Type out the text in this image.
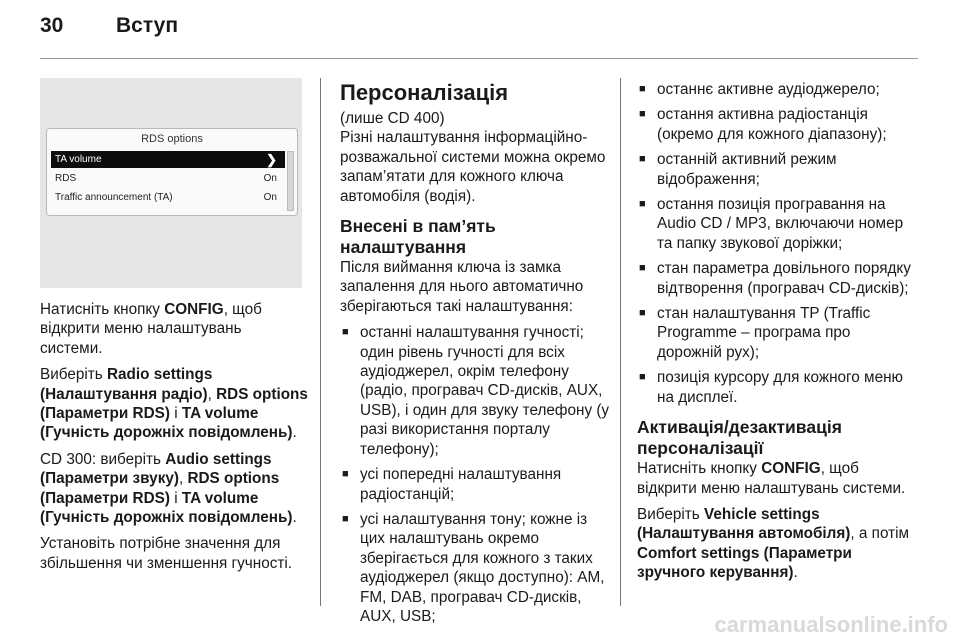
30	Вступ
RDS options
TA volume	❯
RDS	On
Traffic announcement (TA)	On

Натисніть кнопку CONFIG, щоб відкрити меню налаштувань системи.

Виберіть Radio settings (Налаштування радіо), RDS options (Параметри RDS) і TA volume (Гучність дорожніх повідомлень).

CD 300: виберіть Audio settings (Параметри звуку), RDS options (Параметри RDS) і TA volume (Гучність дорожніх повідомлень).

Установіть потрібне значення для збільшення чи зменшення гучності.

Персоналізація

(лише CD 400)

Різні налаштування інформаційно-розважальної системи можна окремо запам’ятати для кожного ключа автомобіля (водія).

Внесені в пам’ять налаштування

Після виймання ключа із замка запалення для нього автоматично зберігаються такі налаштування:

■ останні налаштування гучності; один рівень гучності для всіх аудіоджерел, окрім телефону (радіо, програвач CD-дисків, AUX, USB), і один для звуку телефону (у разі використання порталу телефону);
■ усі попередні налаштування радіостанцій;
■ усі налаштування тону; кожне із цих налаштувань окремо зберігається для кожного з таких аудіоджерел (якщо доступно): AM, FM, DAB, програвач CD-дисків, AUX, USB;
■ останнє активне аудіоджерело;
■ остання активна радіостанція (окремо для кожного діапазону);
■ останній активний режим відображення;
■ остання позиція програвання на Audio CD / MP3, включаючи номер та папку звукової доріжки;
■ стан параметра довільного порядку відтворення (програвач CD-дисків);
■ стан налаштування TP (Traffic Programme – програма про дорожній рух);
■ позиція курсору для кожного меню на дисплеї.
Активація/дезактивація персоналізації

Натисніть кнопку CONFIG, щоб відкрити меню налаштувань системи.

Виберіть Vehicle settings (Налаштування автомобіля), а потім Comfort settings (Параметри зручного керування).

carmanualsonline.info
